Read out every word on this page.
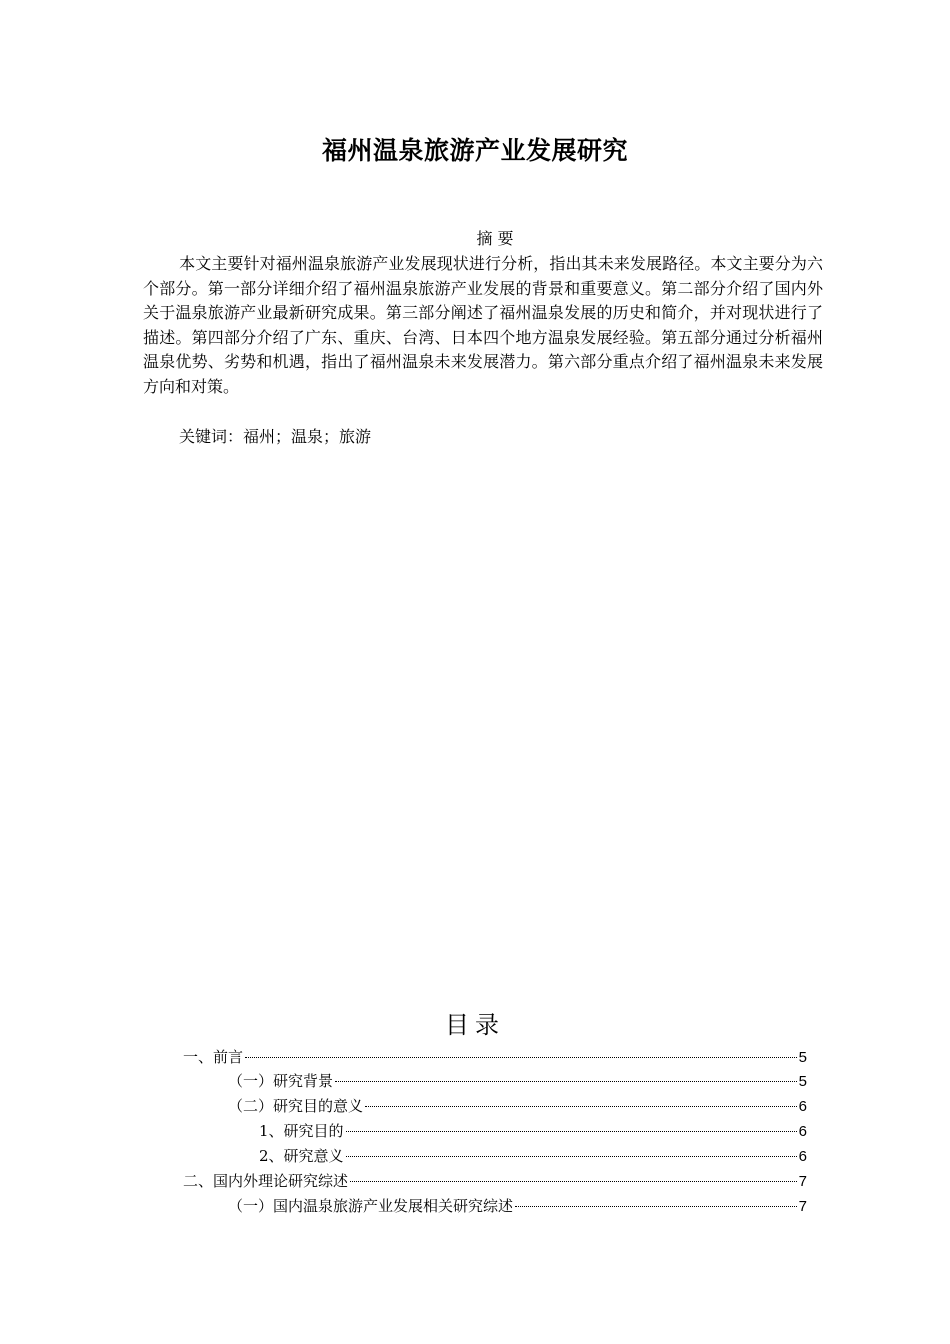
福州温泉旅游产业发展研究
摘 要

本文主要针对福州温泉旅游产业发展现状进行分析，指出其未来发展路径。本文主要分为六个部分。第一部分详细介绍了福州温泉旅游产业发展的背景和重要意义。第二部分介绍了国内外关于温泉旅游产业最新研究成果。第三部分阐述了福州温泉发展的历史和简介，并对现状进行了描述。第四部分介绍了广东、重庆、台湾、日本四个地方温泉发展经验。第五部分通过分析福州温泉优势、劣势和机遇，指出了福州温泉未来发展潜力。第六部分重点介绍了福州温泉未来发展方向和对策。

关键词：福州；温泉；旅游
目录
一、前言	5
（一）研究背景	5
（二）研究目的意义	6
1、研究目的	6
2、研究意义	6
二、国内外理论研究综述	7
（一）国内温泉旅游产业发展相关研究综述	7
